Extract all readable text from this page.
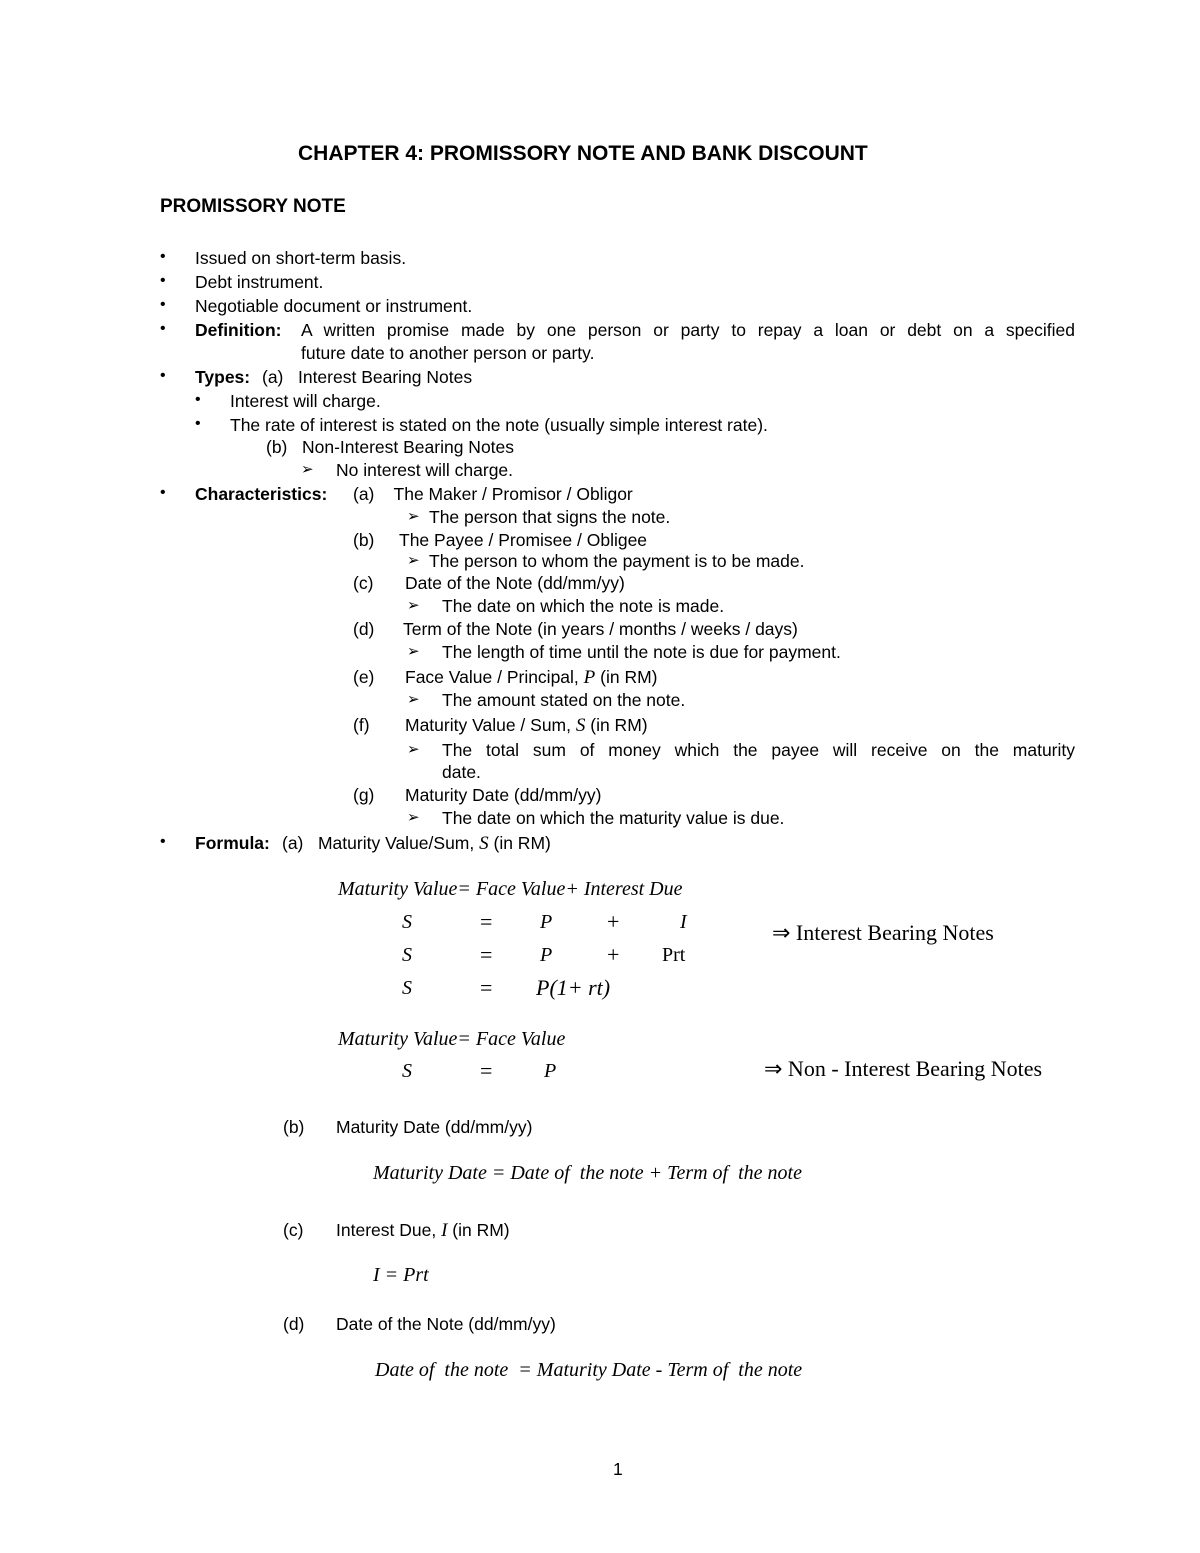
CHAPTER 4: PROMISSORY NOTE AND BANK DISCOUNT
PROMISSORY NOTE
• Issued on short-term basis.
• Debt instrument.
• Negotiable document or instrument.
• Definition: A written promise made by one person or party to repay a loan or debt on a specified
future date to another person or party.
• Types: (a)   Interest Bearing Notes
• Interest will charge.
• The rate of interest is stated on the note (usually simple interest rate).
(b)   Non-Interest Bearing Notes
➢ No interest will charge.
• Characteristics: (a)    The Maker / Promisor / Obligor
➢ The person that signs the note.
(b) The Payee / Promisee / Obligee
➢ The person to whom the payment is to be made.
(c) Date of the Note (dd/mm/yy)
➢ The date on which the note is made.
(d) Term of the Note (in years / months / weeks / days)
➢ The length of time until the note is due for payment.
(e) Face Value / Principal, P (in RM)
➢ The amount stated on the note.
(f) Maturity Value / Sum, S (in RM)
➢ The total sum of money which the payee will receive on the maturity
date.
(g) Maturity Date (dd/mm/yy)
➢ The date on which the maturity value is due.
• Formula: (a)   Maturity Value/Sum, S (in RM)
Maturity Value= Face Value+ Interest Due
S	= P +	I
S	= P + Prt
S	= P(1+ rt)
⇒ Interest Bearing Notes
Maturity Value= Face Value
S	=	P	⇒ Non - Interest Bearing Notes
(b) Maturity Date (dd/mm/yy)
Maturity Date = Date of  the note + Term of  the note
(c) Interest Due, I (in RM)
I = Prt
(d) Date of the Note (dd/mm/yy)
Date of  the note  = Maturity Date - Term of  the note
1
